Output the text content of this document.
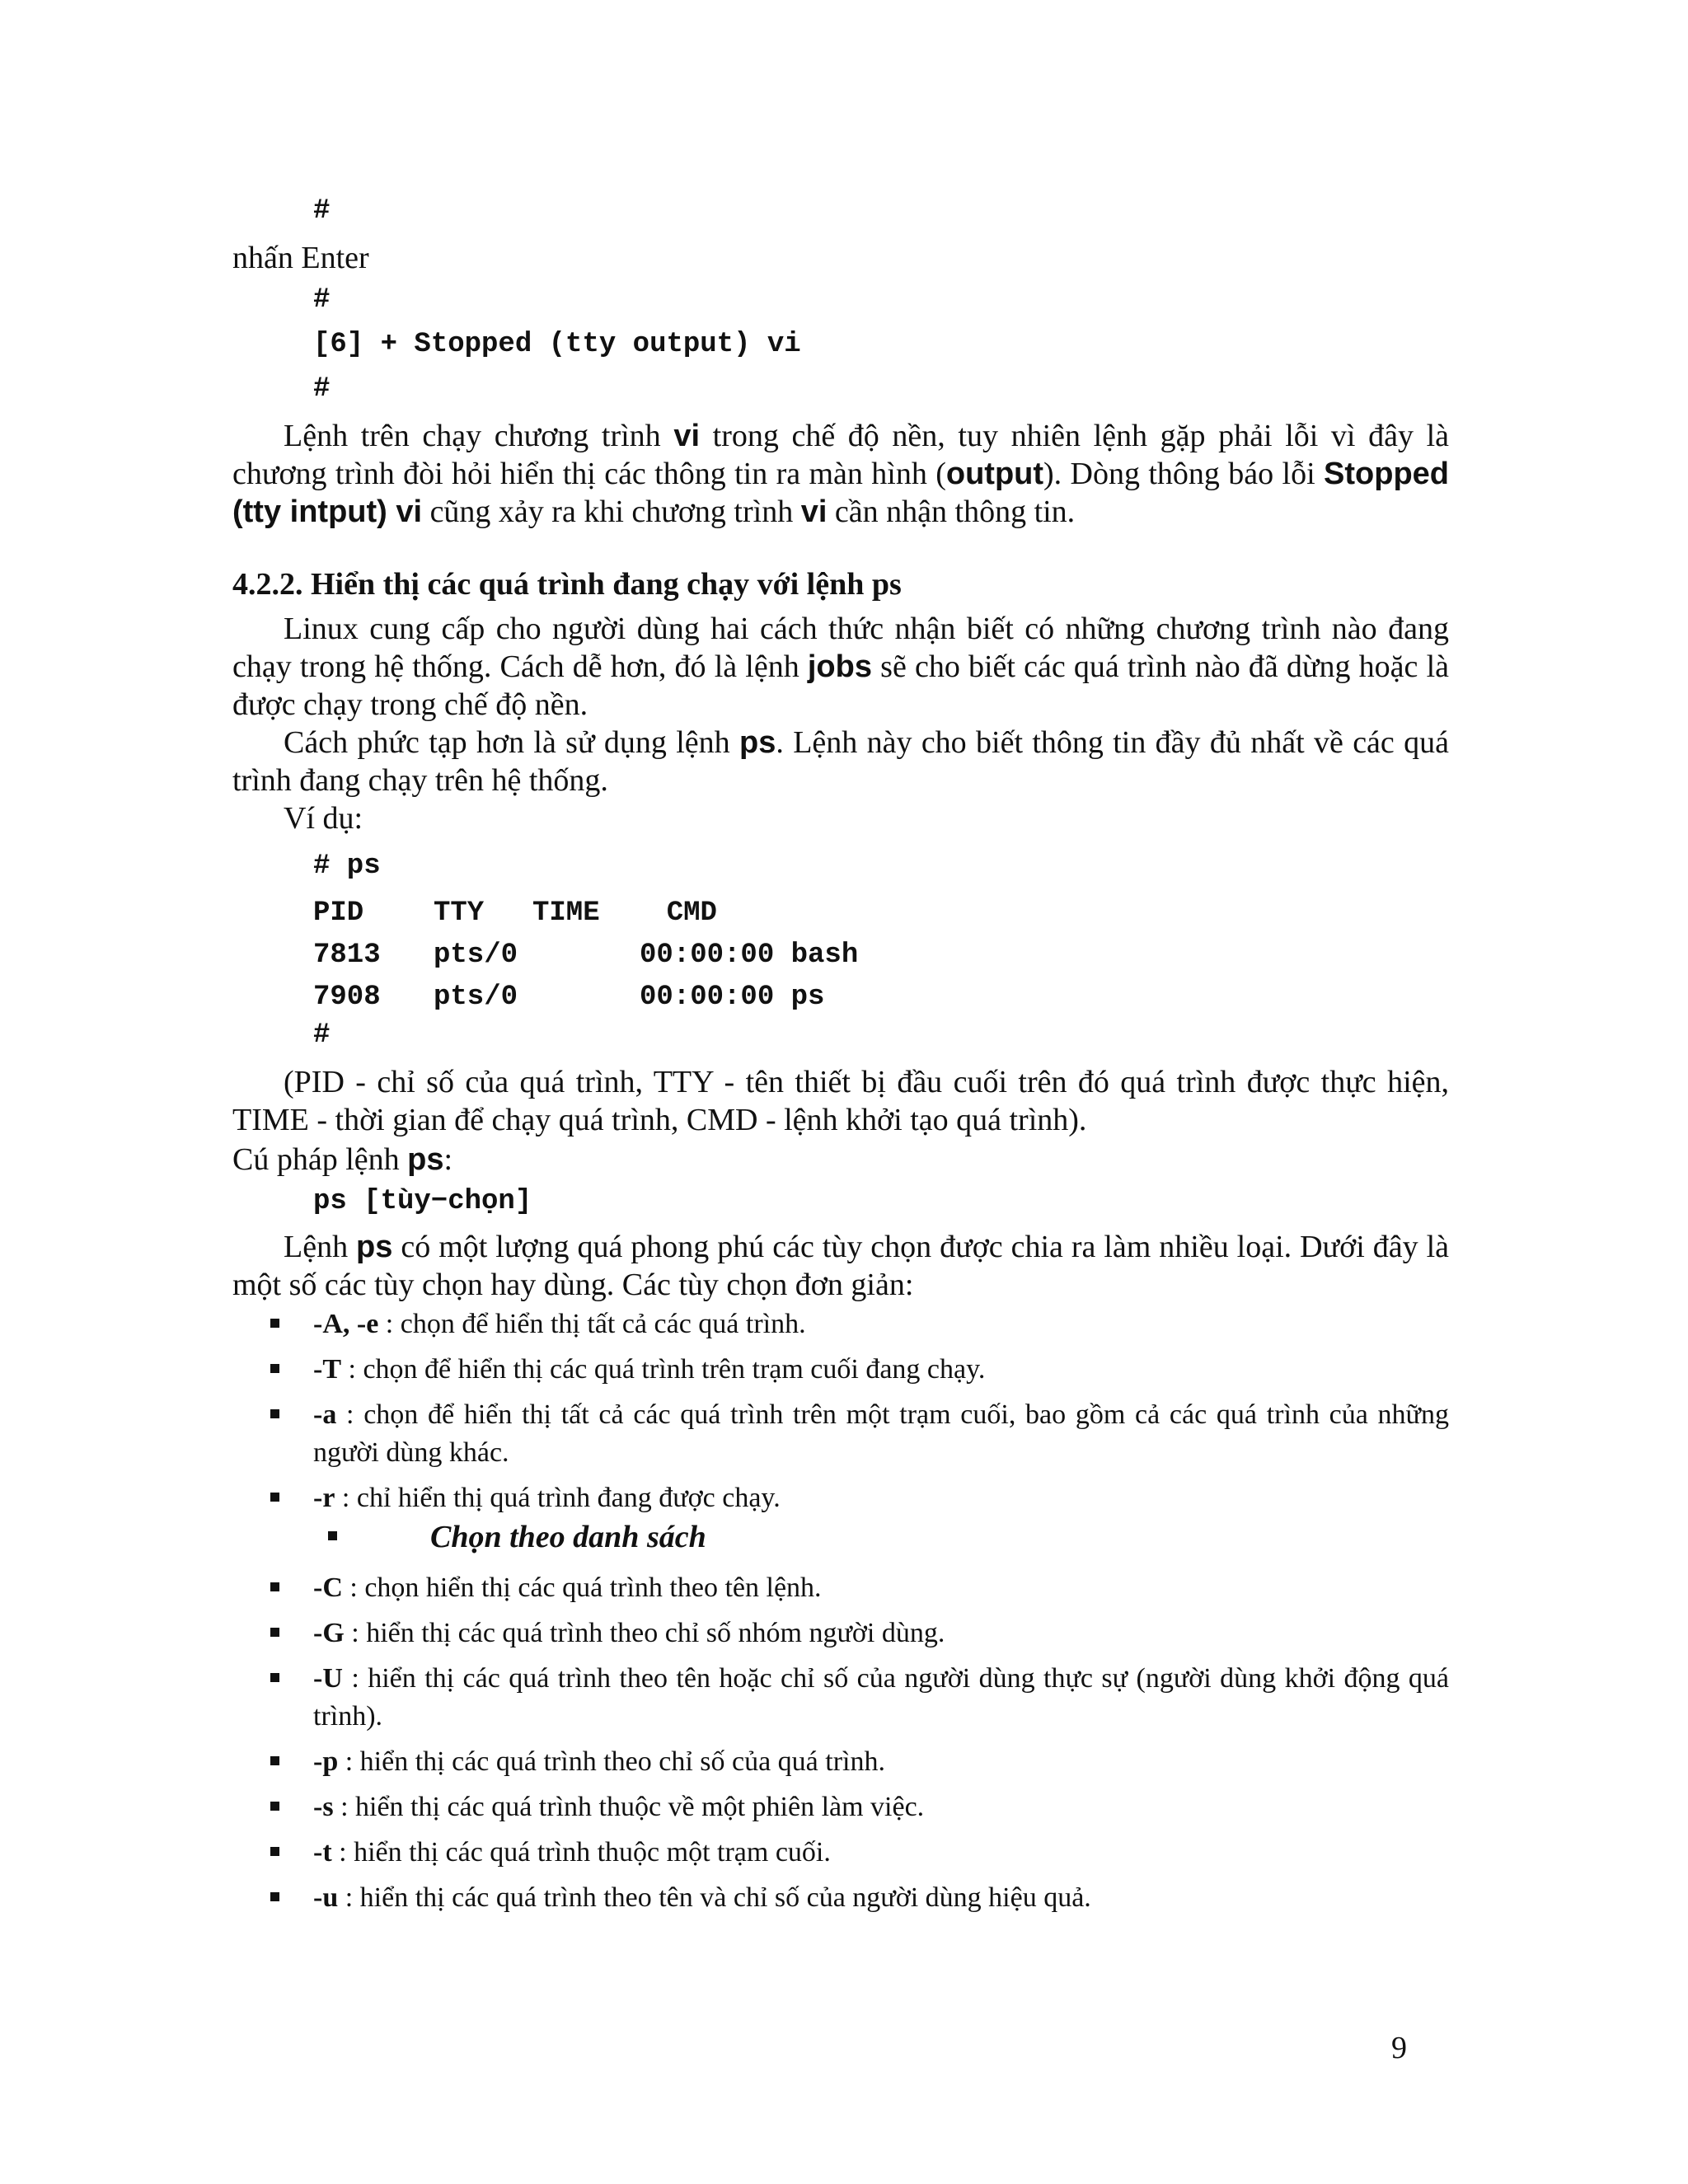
#
nhấn Enter
#
[6] + Stopped (tty output) vi
#
Lệnh trên chạy chương trình vi trong chế độ nền, tuy nhiên lệnh gặp phải lỗi vì đây là chương trình đòi hỏi hiển thị các thông tin ra màn hình (output). Dòng thông báo lỗi Stopped (tty intput) vi cũng xảy ra khi chương trình vi cần nhận thông tin.
4.2.2. Hiển thị các quá trình đang chạy với lệnh ps
Linux cung cấp cho người dùng hai cách thức nhận biết có những chương trình nào đang chạy trong hệ thống. Cách dễ hơn, đó là lệnh jobs sẽ cho biết các quá trình nào đã dừng hoặc là được chạy trong chế độ nền.
Cách phức tạp hơn là sử dụng lệnh ps. Lệnh này cho biết thông tin đầy đủ nhất về các quá trình đang chạy trên hệ thống.
Ví dụ:
# ps
PID	TTY	TIME	CMD
7813	pts/0	00:00:00 bash	
7908	pts/0	00:00:00 ps	
#
(PID - chỉ số của quá trình, TTY - tên thiết bị đầu cuối trên đó quá trình được thực hiện, TIME - thời gian để chạy quá trình, CMD - lệnh khởi tạo quá trình).
Cú pháp lệnh ps:
ps [tùy−chọn]
Lệnh ps có một lượng quá phong phú các tùy chọn được chia ra làm nhiều loại. Dưới đây là một số các tùy chọn hay dùng. Các tùy chọn đơn giản:
-A, -e : chọn để hiển thị tất cả các quá trình.
-T : chọn để hiển thị các quá trình trên trạm cuối đang chạy.
-a : chọn để hiển thị tất cả các quá trình trên một trạm cuối, bao gồm cả các quá trình của những người dùng khác.
-r : chỉ hiển thị quá trình đang được chạy.
Chọn theo danh sách
-C : chọn hiển thị các quá trình theo tên lệnh.
-G : hiển thị các quá trình theo chỉ số nhóm người dùng.
-U : hiển thị các quá trình theo tên hoặc chỉ số của người dùng thực sự (người dùng khởi động quá trình).
-p : hiển thị các quá trình theo chỉ số của quá trình.
-s : hiển thị các quá trình thuộc về một phiên làm việc.
-t : hiển thị các quá trình thuộc một trạm cuối.
-u : hiển thị các quá trình theo tên và chỉ số của người dùng hiệu quả.
9
